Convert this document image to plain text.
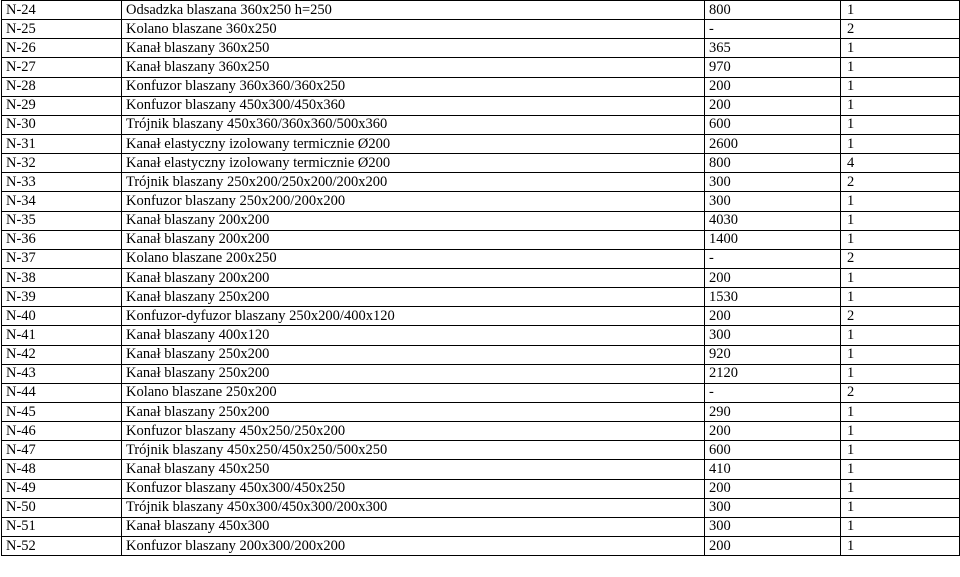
N-24	Odsadzka blaszana 360x250 h=250	800	1
N-25	Kolano blaszane 360x250	-	2
N-26	Kanał blaszany 360x250	365	1
N-27	Kanał blaszany 360x250	970	1
N-28	Konfuzor blaszany 360x360/360x250	200	1
N-29	Konfuzor blaszany 450x300/450x360	200	1
N-30	Trójnik blaszany 450x360/360x360/500x360	600	1
N-31	Kanał elastyczny izolowany termicznie Ø200	2600	1
N-32	Kanał elastyczny izolowany termicznie Ø200	800	4
N-33	Trójnik blaszany 250x200/250x200/200x200	300	2
N-34	Konfuzor blaszany 250x200/200x200	300	1
N-35	Kanał blaszany 200x200	4030	1
N-36	Kanał blaszany 200x200	1400	1
N-37	Kolano blaszane 200x250	-	2
N-38	Kanał blaszany 200x200	200	1
N-39	Kanał blaszany 250x200	1530	1
N-40	Konfuzor-dyfuzor blaszany 250x200/400x120	200	2
N-41	Kanał blaszany 400x120	300	1
N-42	Kanał blaszany 250x200	920	1
N-43	Kanał blaszany 250x200	2120	1
N-44	Kolano blaszane 250x200	-	2
N-45	Kanał blaszany 250x200	290	1
N-46	Konfuzor blaszany 450x250/250x200	200	1
N-47	Trójnik blaszany 450x250/450x250/500x250	600	1
N-48	Kanał blaszany 450x250	410	1
N-49	Konfuzor blaszany 450x300/450x250	200	1
N-50	Trójnik blaszany 450x300/450x300/200x300	300	1
N-51	Kanał blaszany 450x300	300	1
N-52	Konfuzor blaszany 200x300/200x200	200	1
